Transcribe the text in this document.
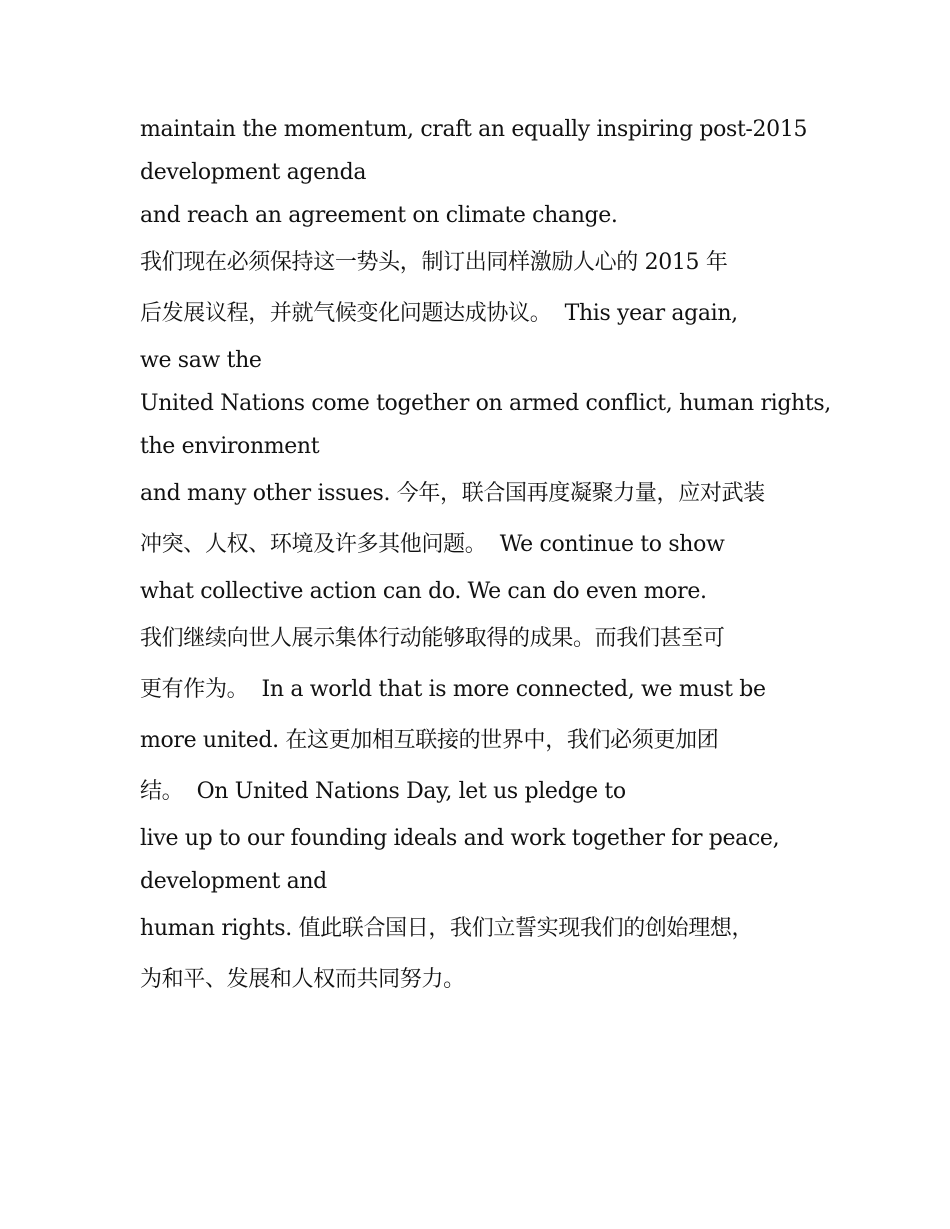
maintain the momentum, craft an equally inspiring post-2015
development agenda
and reach an agreement on climate change.
我们现在必须保持这一势头，制订出同样激励人心的 2015 年
后发展议程，并就气候变化问题达成协议。  This year again,
we saw the
United Nations come together on armed conflict, human rights,
the environment
and many other issues. 今年，联合国再度凝聚力量，应对武装
冲突、人权、环境及许多其他问题。  We continue to show
what collective action can do. We can do even more.
我们继续向世人展示集体行动能够取得的成果。而我们甚至可
更有作为。  In a world that is more connected, we must be
more united. 在这更加相互联接的世界中，我们必须更加团
结。  On United Nations Day, let us pledge to
live up to our founding ideals and work together for peace,
development and
human rights. 值此联合国日，我们立誓实现我们的创始理想，
为和平、发展和人权而共同努力。
